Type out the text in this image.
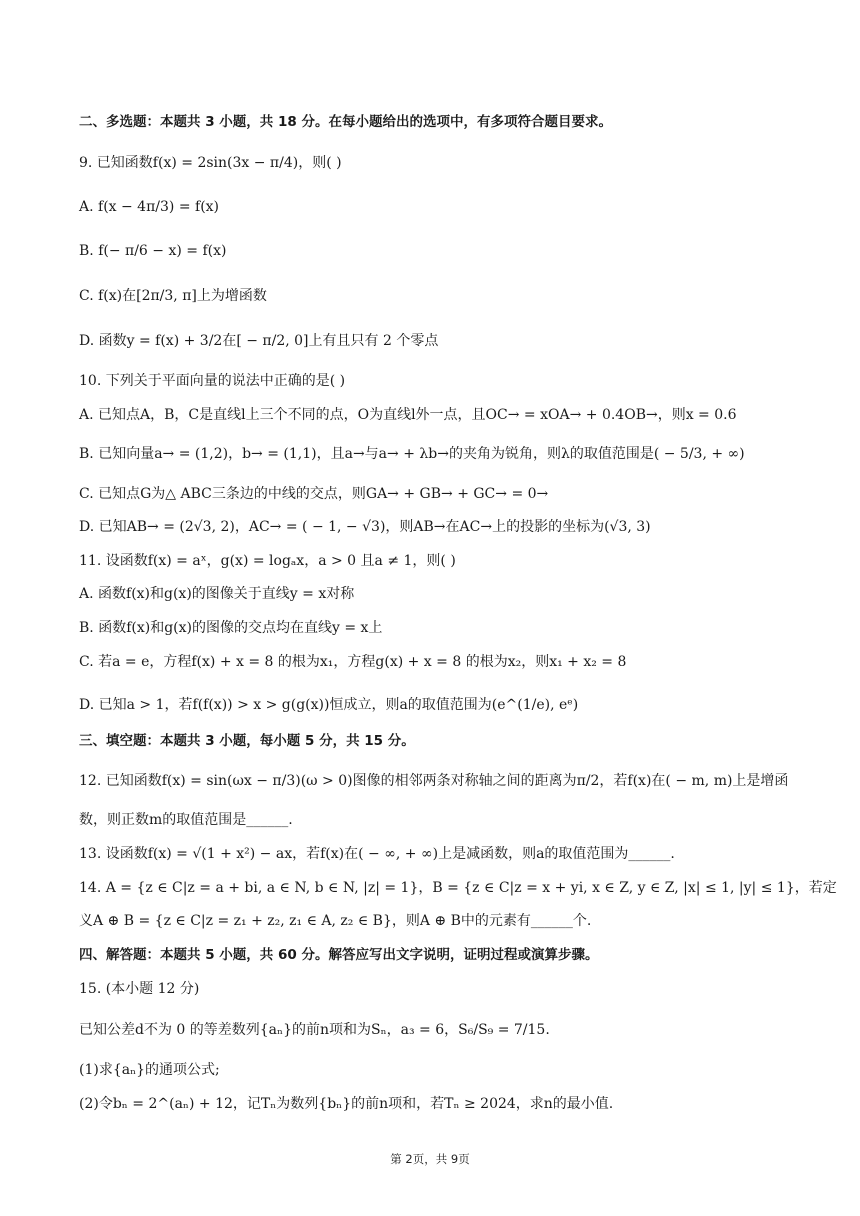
二、多选题：本题共 3 小题，共 18 分。在每小题给出的选项中，有多项符合题目要求。
9. 已知函数f(x) = 2sin(3x − π/4)，则( )
A. f(x − 4π/3) = f(x)
B. f(− π/6 − x) = f(x)
C. f(x)在[2π/3, π]上为增函数
D. 函数y = f(x) + 3/2在[ − π/2, 0]上有且只有 2 个零点
10. 下列关于平面向量的说法中正确的是( )
A. 已知点A，B，C是直线l上三个不同的点，O为直线l外一点，且OC→ = xOA→ + 0.4OB→，则x = 0.6
B. 已知向量a→ = (1,2)，b→ = (1,1)，且a→与a→ + λb→的夹角为锐角，则λ的取值范围是( − 5/3, + ∞)
C. 已知点G为△ ABC三条边的中线的交点，则GA→ + GB→ + GC→ = 0→
D. 已知AB→ = (2√3, 2)，AC→ = ( − 1, − √3)，则AB→在AC→上的投影的坐标为(√3, 3)
11. 设函数f(x) = aˣ，g(x) = logₐx，a > 0 且a ≠ 1，则( )
A. 函数f(x)和g(x)的图像关于直线y = x对称
B. 函数f(x)和g(x)的图像的交点均在直线y = x上
C. 若a = e，方程f(x) + x = 8 的根为x₁，方程g(x) + x = 8 的根为x₂，则x₁ + x₂ = 8
D. 已知a > 1，若f(f(x)) > x > g(g(x))恒成立，则a的取值范围为(e^(1/e), eᵉ)
三、填空题：本题共 3 小题，每小题 5 分，共 15 分。
12. 已知函数f(x) = sin(ωx − π/3)(ω > 0)图像的相邻两条对称轴之间的距离为π/2，若f(x)在( − m, m)上是增函
数，则正数m的取值范围是______.
13. 设函数f(x) = √(1 + x²) − ax，若f(x)在( − ∞, + ∞)上是减函数，则a的取值范围为______.
14. A = {z ∈ C|z = a + bi, a ∈ N, b ∈ N, |z| = 1}，B = {z ∈ C|z = x + yi, x ∈ Z, y ∈ Z, |x| ≤ 1, |y| ≤ 1}，若定
义A ⊕ B = {z ∈ C|z = z₁ + z₂, z₁ ∈ A, z₂ ∈ B}，则A ⊕ B中的元素有______个.
四、解答题：本题共 5 小题，共 60 分。解答应写出文字说明，证明过程或演算步骤。
15. (本小题 12 分)
已知公差d不为 0 的等差数列{aₙ}的前n项和为Sₙ，a₃ = 6，S₆/S₉ = 7/15.
(1)求{aₙ}的通项公式;
(2)令bₙ = 2^(aₙ) + 12，记Tₙ为数列{bₙ}的前n项和，若Tₙ ≥ 2024，求n的最小值.
第 2页，共 9页
